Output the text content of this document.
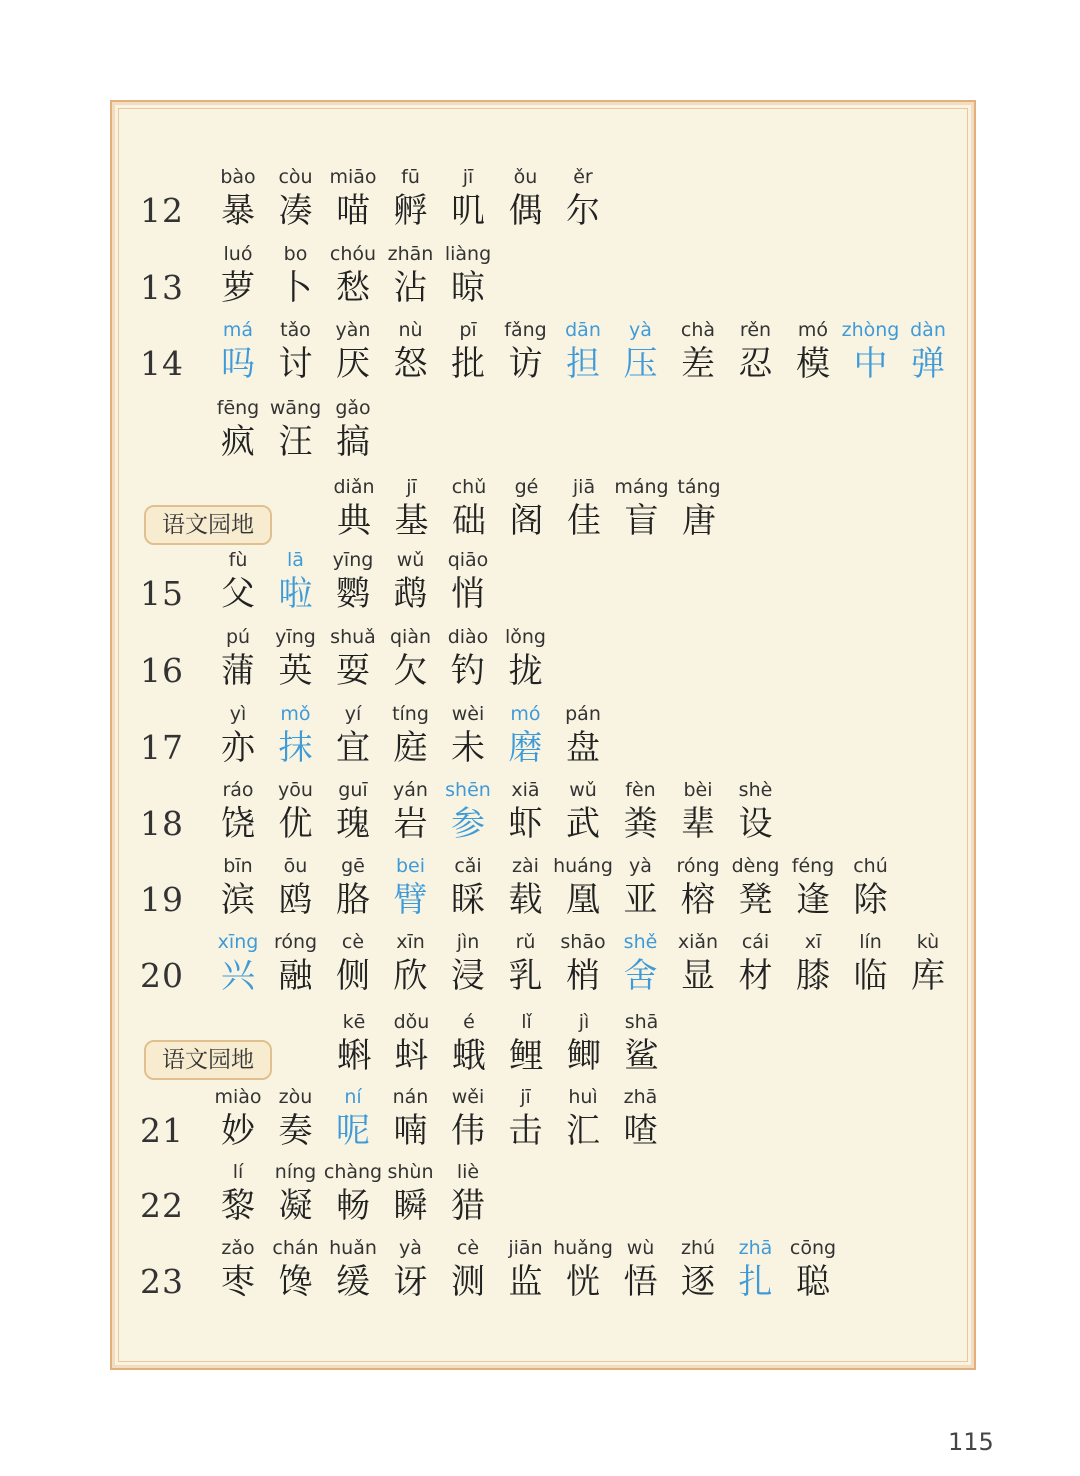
12
bào
暴
còu
凑
miāo
喵
fū
孵
jī
叽
ǒu
偶
ěr
尔
13
luó
萝
bo
卜
chóu
愁
zhān
沾
liàng
晾
14
má
吗
tǎo
讨
yàn
厌
nù
怒
pī
批
fǎng
访
dān
担
yà
压
chà
差
rěn
忍
mó
模
zhòng
中
dàn
弹
fēng
疯
wāng
汪
gǎo
搞
语文园地
diǎn
典
jī
基
chǔ
础
gé
阁
jiā
佳
máng
盲
táng
唐
15
fù
父
lā
啦
yīng
鹦
wǔ
鹉
qiāo
悄
16
pú
蒲
yīng
英
shuǎ
耍
qiàn
欠
diào
钓
lǒng
拢
17
yì
亦
mǒ
抹
yí
宜
tíng
庭
wèi
未
mó
磨
pán
盘
18
ráo
饶
yōu
优
guī
瑰
yán
岩
shēn
参
xiā
虾
wǔ
武
fèn
粪
bèi
辈
shè
设
19
bīn
滨
ōu
鸥
gē
胳
bei
臂
cǎi
睬
zài
载
huáng
凰
yà
亚
róng
榕
dèng
凳
féng
逢
chú
除
20
xīng
兴
róng
融
cè
侧
xīn
欣
jìn
浸
rǔ
乳
shāo
梢
shě
舍
xiǎn
显
cái
材
xī
膝
lín
临
kù
库
语文园地
kē
蝌
dǒu
蚪
é
蛾
lǐ
鲤
jì
鲫
shā
鲨
21
miào
妙
zòu
奏
ní
呢
nán
喃
wěi
伟
jī
击
huì
汇
zhā
喳
22
lí
黎
níng
凝
chàng
畅
shùn
瞬
liè
猎
23
zǎo
枣
chán
馋
huǎn
缓
yà
讶
cè
测
jiān
监
huǎng
恍
wù
悟
zhú
逐
zhā
扎
cōng
聪
115
